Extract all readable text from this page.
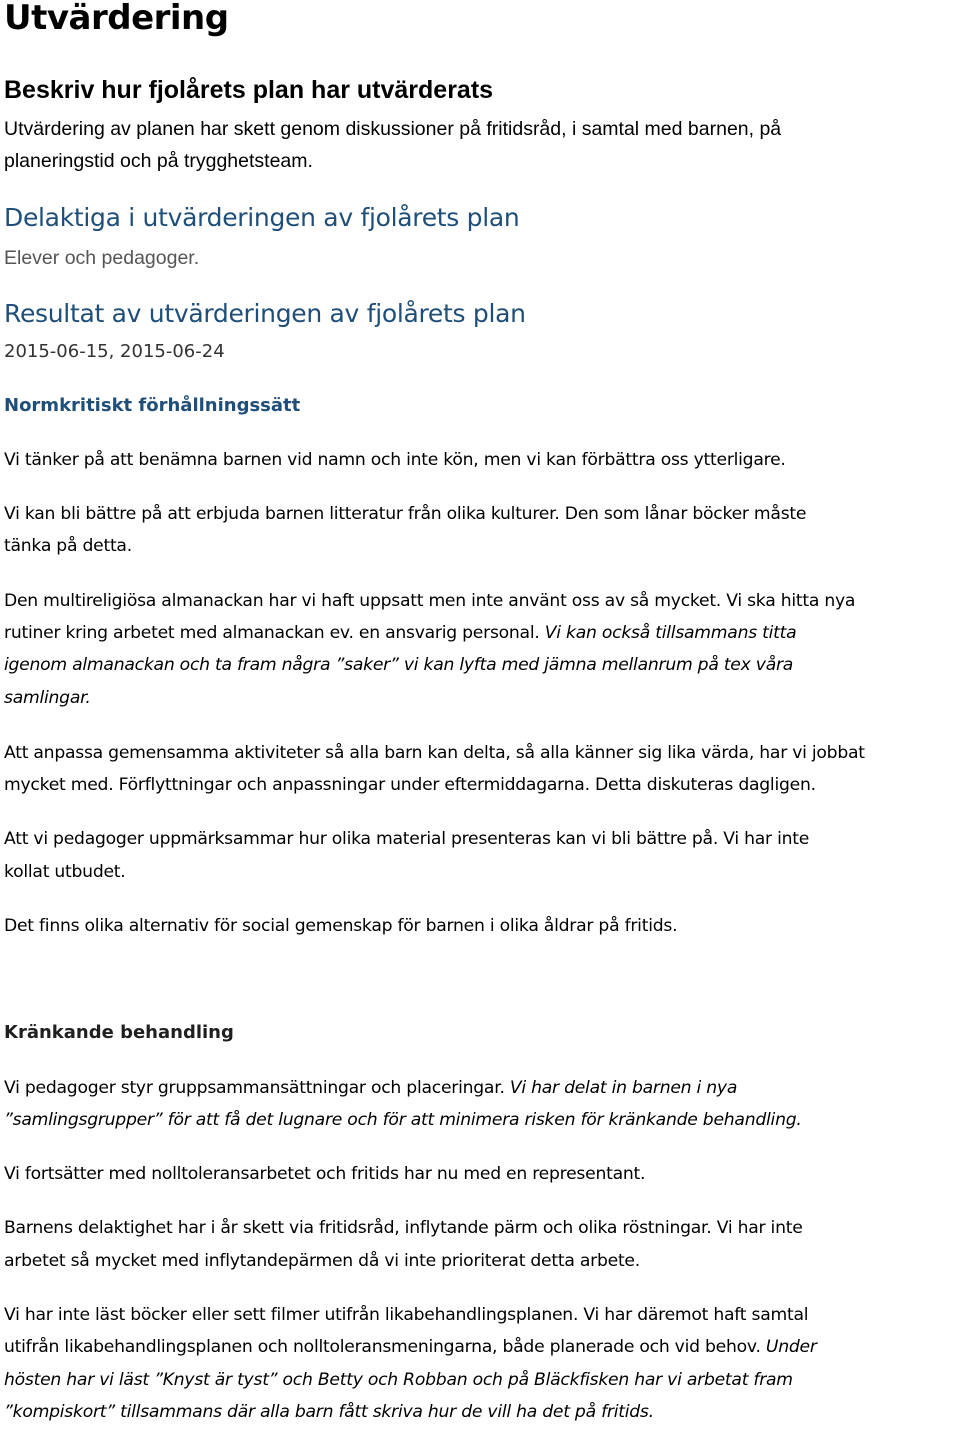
Utvärdering
Beskriv hur fjolårets plan har utvärderats
Utvärdering av planen har skett genom diskussioner på fritidsråd, i samtal med barnen, på
planeringstid och på trygghetsteam.
Delaktiga i utvärderingen av fjolårets plan
Elever och pedagoger.
Resultat av utvärderingen av fjolårets plan
2015-06-15, 2015-06-24
Normkritiskt förhållningssätt
Vi tänker på att benämna barnen vid namn och inte kön, men vi kan förbättra oss ytterligare.
Vi kan bli bättre på att erbjuda barnen litteratur från olika kulturer. Den som lånar böcker måste
tänka på detta.
Den multireligiösa almanackan har vi haft uppsatt men inte använt oss av så mycket. Vi ska hitta nya
rutiner kring arbetet med almanackan ev. en ansvarig personal. Vi kan också tillsammans titta
igenom almanackan och ta fram några ”saker” vi kan lyfta med jämna mellanrum på tex våra
samlingar.
Att anpassa gemensamma aktiviteter så alla barn kan delta, så alla känner sig lika värda, har vi jobbat
mycket med. Förflyttningar och anpassningar under eftermiddagarna. Detta diskuteras dagligen.
Att vi pedagoger uppmärksammar hur olika material presenteras kan vi bli bättre på. Vi har inte
kollat utbudet.
Det finns olika alternativ för social gemenskap för barnen i olika åldrar på fritids.
Kränkande behandling
Vi pedagoger styr gruppsammansättningar och placeringar. Vi har delat in barnen i nya
”samlingsgrupper” för att få det lugnare och för att minimera risken för kränkande behandling.
Vi fortsätter med nolltoleransarbetet och fritids har nu med en representant.
Barnens delaktighet har i år skett via fritidsråd, inflytande pärm och olika röstningar. Vi har inte
arbetet så mycket med inflytandepärmen då vi inte prioriterat detta arbete.
Vi har inte läst böcker eller sett filmer utifrån likabehandlingsplanen. Vi har däremot haft samtal
utifrån likabehandlingsplanen och nolltoleransmeningarna, både planerade och vid behov. Under
hösten har vi läst ”Knyst är tyst” och Betty och Robban och på Bläckfisken har vi arbetat fram
”kompiskort” tillsammans där alla barn fått skriva hur de vill ha det på fritids.
